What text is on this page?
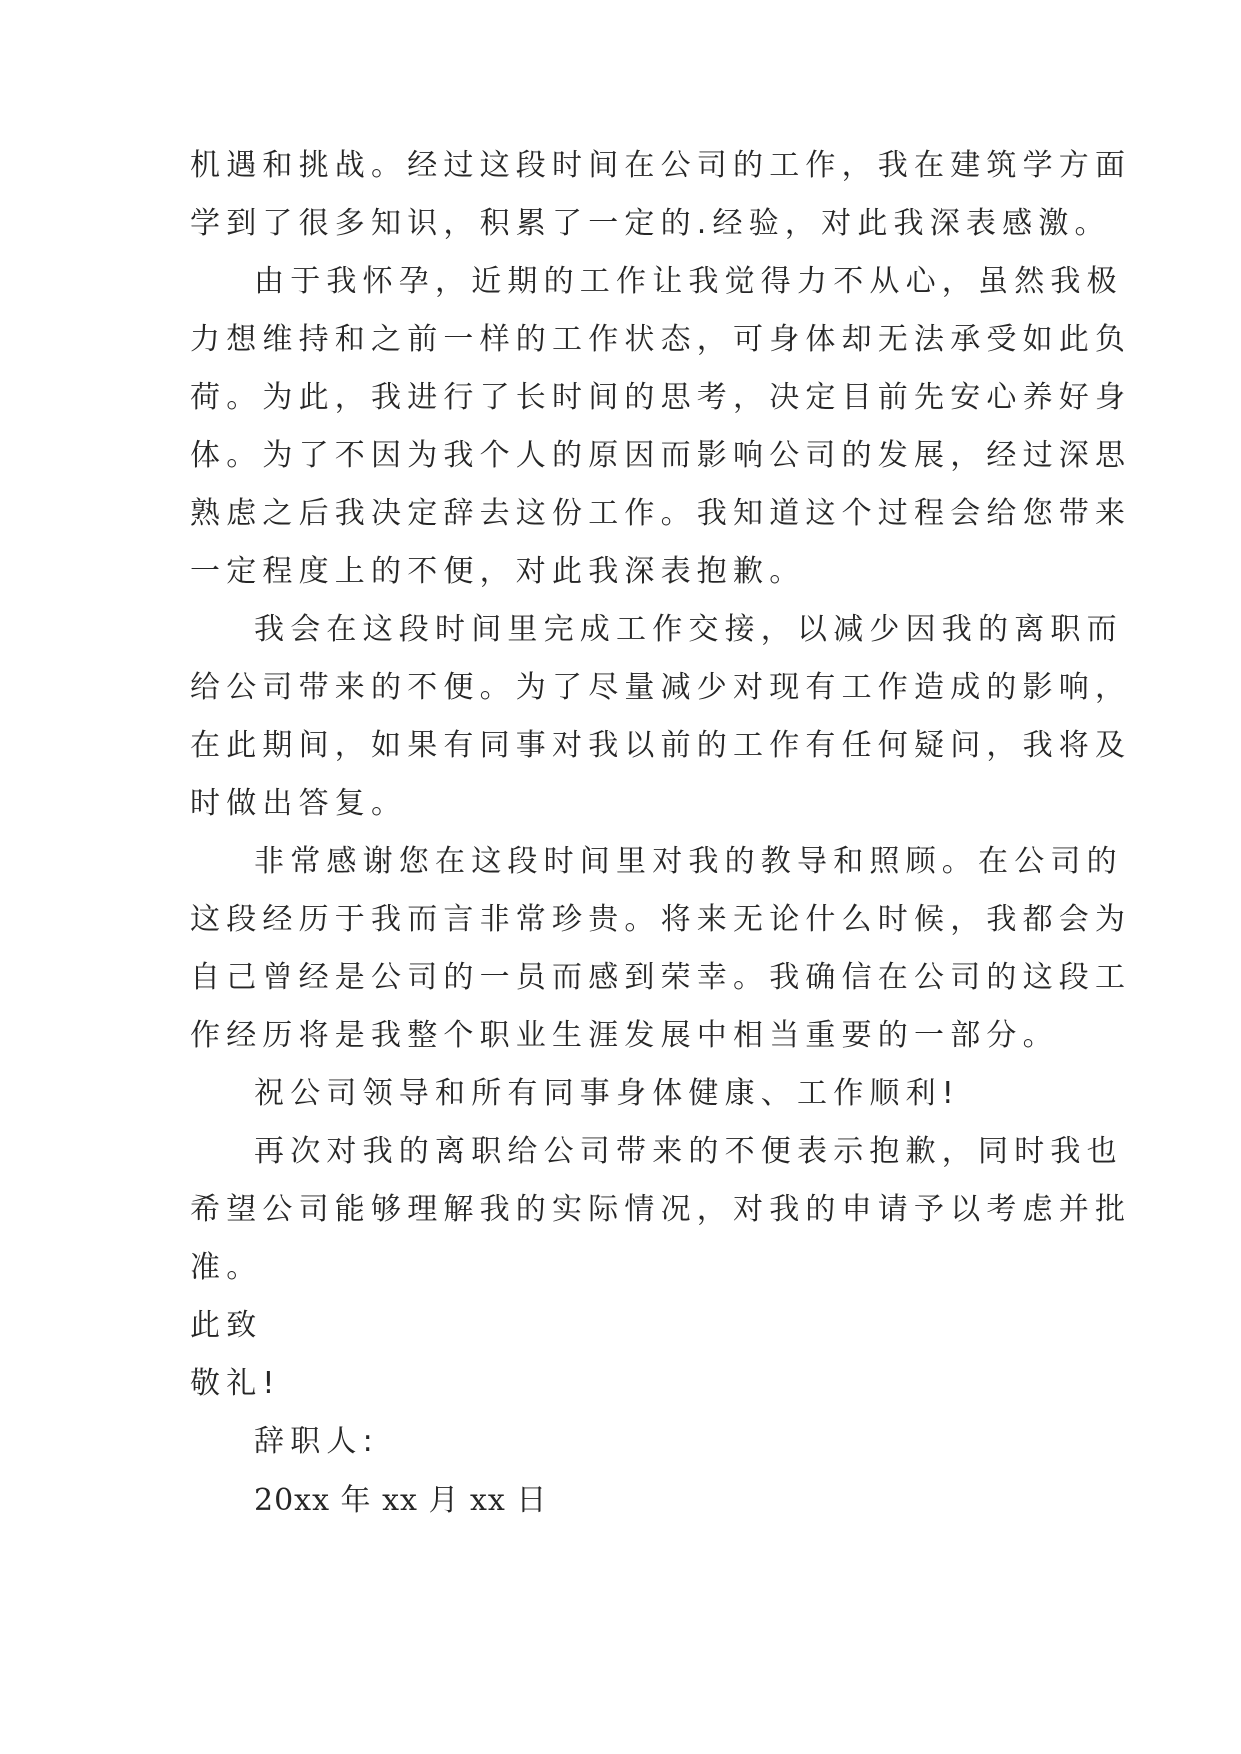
机遇和挑战。经过这段时间在公司的工作，我在建筑学方面
学到了很多知识，积累了一定的.经验，对此我深表感激。
由于我怀孕，近期的工作让我觉得力不从心，虽然我极
力想维持和之前一样的工作状态，可身体却无法承受如此负
荷。为此，我进行了长时间的思考，决定目前先安心养好身
体。为了不因为我个人的原因而影响公司的发展，经过深思
熟虑之后我决定辞去这份工作。我知道这个过程会给您带来
一定程度上的不便，对此我深表抱歉。
我会在这段时间里完成工作交接，以减少因我的离职而
给公司带来的不便。为了尽量减少对现有工作造成的影响，
在此期间，如果有同事对我以前的工作有任何疑问，我将及
时做出答复。
非常感谢您在这段时间里对我的教导和照顾。在公司的
这段经历于我而言非常珍贵。将来无论什么时候，我都会为
自己曾经是公司的一员而感到荣幸。我确信在公司的这段工
作经历将是我整个职业生涯发展中相当重要的一部分。
祝公司领导和所有同事身体健康、工作顺利!
再次对我的离职给公司带来的不便表示抱歉，同时我也
希望公司能够理解我的实际情况，对我的申请予以考虑并批
准。
此致
敬礼!
辞职人:
20xx 年 xx 月 xx 日
